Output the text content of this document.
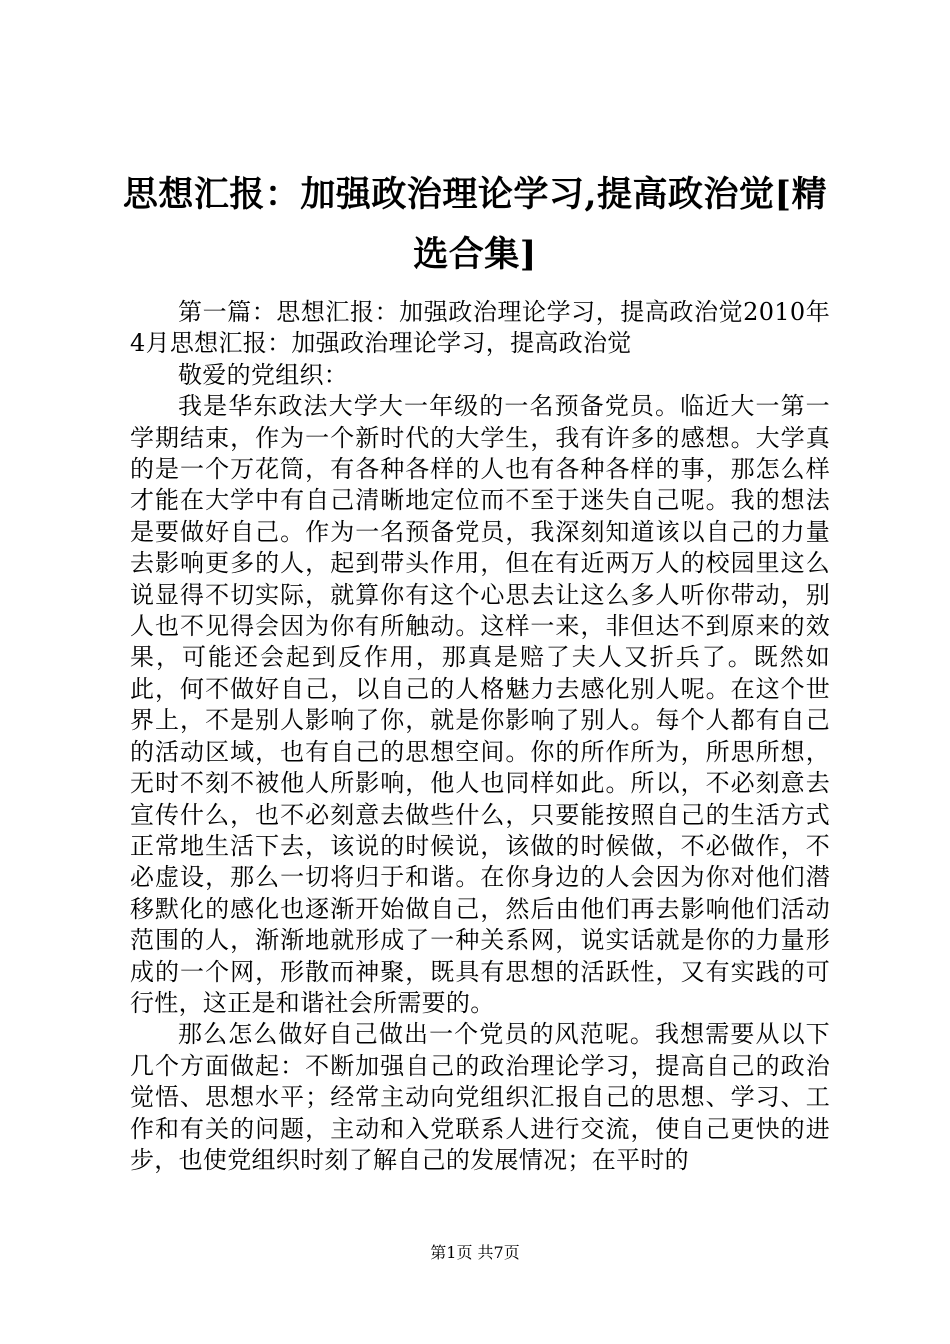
思想汇报：加强政治理论学习,提高政治觉[精选合集]

第一篇：思想汇报：加强政治理论学习，提高政治觉2010年4月思想汇报：加强政治理论学习，提高政治觉

敬爱的党组织：

我是华东政法大学大一年级的一名预备党员。临近大一第一学期结束，作为一个新时代的大学生，我有许多的感想。大学真的是一个万花筒，有各种各样的人也有各种各样的事，那怎么样才能在大学中有自己清晰地定位而不至于迷失自己呢。我的想法是要做好自己。作为一名预备党员，我深刻知道该以自己的力量去影响更多的人，起到带头作用，但在有近两万人的校园里这么说显得不切实际，就算你有这个心思去让这么多人听你带动，别人也不见得会因为你有所触动。这样一来，非但达不到原来的效果，可能还会起到反作用，那真是赔了夫人又折兵了。既然如此，何不做好自己，以自己的人格魅力去感化别人呢。在这个世界上，不是别人影响了你，就是你影响了别人。每个人都有自己的活动区域，也有自己的思想空间。你的所作所为，所思所想，无时不刻不被他人所影响，他人也同样如此。所以，不必刻意去宣传什么，也不必刻意去做些什么，只要能按照自己的生活方式正常地生活下去，该说的时候说，该做的时候做，不必做作，不必虚设，那么一切将归于和谐。在你身边的人会因为你对他们潜移默化的感化也逐渐开始做自己，然后由他们再去影响他们活动范围的人，渐渐地就形成了一种关系网，说实话就是你的力量形成的一个网，形散而神聚，既具有思想的活跃性，又有实践的可行性，这正是和谐社会所需要的。

那么怎么做好自己做出一个党员的风范呢。我想需要从以下几个方面做起：不断加强自己的政治理论学习，提高自己的政治觉悟、思想水平；经常主动向党组织汇报自己的思想、学习、工作和有关的问题，主动和入党联系人进行交流，使自己更快的进步，也使党组织时刻了解自己的发展情况；在平时的

第1页 共7页
